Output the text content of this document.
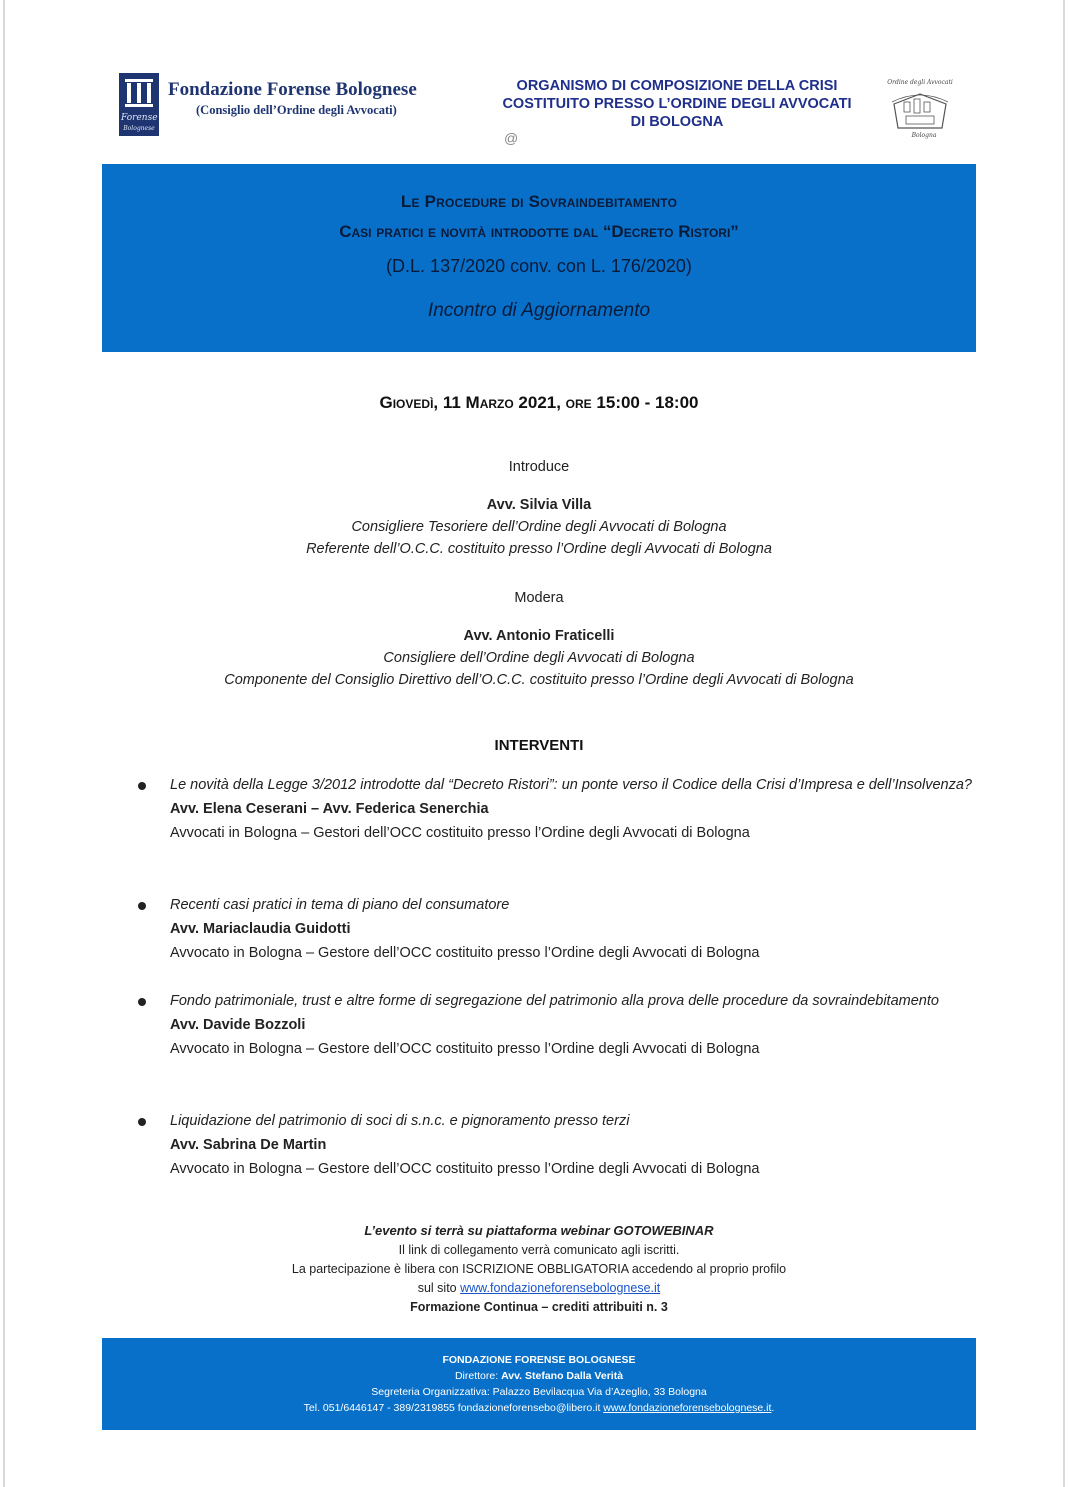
Forense
Bolognese
Fondazione Forense Bolognese
(Consiglio dell’Ordine degli Avvocati)
ORGANISMO DI COMPOSIZIONE DELLA CRISI
COSTITUITO PRESSO L’ORDINE DEGLI AVVOCATI
DI BOLOGNA
@
Ordine degli Avvocati
Bologna
Le Procedure di Sovraindebitamento
Casi pratici e novità introdotte dal “Decreto Ristori”
(D.L. 137/2020 conv. con L. 176/2020)
Incontro di Aggiornamento
Giovedì, 11 Marzo 2021, ore 15:00 - 18:00
Introduce
Avv. Silvia Villa
Consigliere Tesoriere dell’Ordine degli Avvocati di Bologna
Referente dell’O.C.C. costituito presso l’Ordine degli Avvocati di Bologna
Modera
Avv. Antonio Fraticelli
Consigliere dell’Ordine degli Avvocati di Bologna
Componente del Consiglio Direttivo dell’O.C.C. costituito presso l’Ordine degli Avvocati di Bologna
INTERVENTI
Le novità della Legge 3/2012 introdotte dal “Decreto Ristori”: un ponte verso il Codice della Crisi d’Impresa e dell’Insolvenza?
Avv. Elena Ceserani – Avv. Federica Senerchia
Avvocati in Bologna – Gestori dell’OCC costituito presso l’Ordine degli Avvocati di Bologna
Recenti casi pratici in tema di piano del consumatore
Avv. Mariaclaudia Guidotti
Avvocato in Bologna – Gestore dell’OCC costituito presso l’Ordine degli Avvocati di Bologna
Fondo patrimoniale, trust e altre forme di segregazione del patrimonio alla prova delle procedure da sovraindebitamento
Avv. Davide Bozzoli
Avvocato in Bologna – Gestore dell’OCC costituito presso l’Ordine degli Avvocati di Bologna
Liquidazione del patrimonio di soci di s.n.c. e pignoramento presso terzi
Avv. Sabrina De Martin
Avvocato in Bologna – Gestore dell’OCC costituito presso l’Ordine degli Avvocati di Bologna
L’evento si terrà su piattaforma webinar GOTOWEBINAR
Il link di collegamento verrà comunicato agli iscritti.
La partecipazione è libera con ISCRIZIONE OBBLIGATORIA accedendo al proprio profilo
sul sito www.fondazioneforensebolognese.it
Formazione Continua – crediti attribuiti n. 3
FONDAZIONE FORENSE BOLOGNESE
Direttore: Avv. Stefano Dalla Verità
Segreteria Organizzativa: Palazzo Bevilacqua Via d’Azeglio, 33 Bologna
Tel. 051/6446147 - 389/2319855 fondazioneforensebo@libero.it www.fondazioneforensebolognese.it.
